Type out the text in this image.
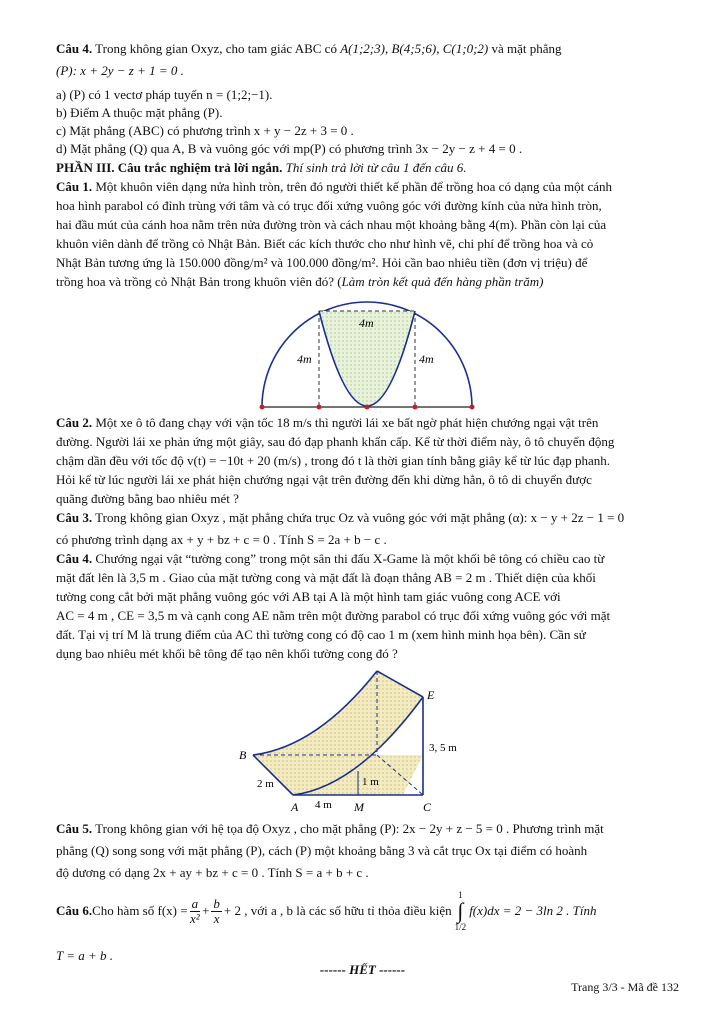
Câu 4. Trong không gian Oxyz, cho tam giác ABC có A(1;2;3), B(4;5;6), C(1;0;2) và mặt phẳng

(P): x + 2y − z + 1 = 0 .

a) (P) có 1 vectơ pháp tuyến n = (1;2;−1).

b) Điểm A thuộc mặt phẳng (P).

c) Mặt phẳng (ABC) có phương trình x + y − 2z + 3 = 0 .

d) Mặt phẳng (Q) qua A, B và vuông góc với mp(P) có phương trình 3x − 2y − z + 4 = 0 .

PHẦN III. Câu trắc nghiệm trả lời ngắn. Thí sinh trả lời từ câu 1 đến câu 6.

Câu 1. Một khuôn viên dạng nửa hình tròn, trên đó người thiết kế phần để trồng hoa có dạng của một cánh

hoa hình parabol có đỉnh trùng với tâm và có trục đối xứng vuông góc với đường kính của nửa hình tròn,

hai đầu mút của cánh hoa nằm trên nửa đường tròn và cách nhau một khoảng bằng 4(m). Phần còn lại của

khuôn viên dành để trồng cỏ Nhật Bản. Biết các kích thước cho như hình vẽ, chi phí để trồng hoa và cỏ

Nhật Bản tương ứng là 150.000 đồng/m² và 100.000 đồng/m². Hỏi cần bao nhiêu tiền (đơn vị triệu) để

trồng hoa và trồng cỏ Nhật Bản trong khuôn viên đó? (Làm tròn kết quả đến hàng phần trăm)

4m
4m	4m

Câu 2. Một xe ô tô đang chạy với vận tốc 18 m/s thì người lái xe bất ngờ phát hiện chướng ngại vật trên

đường. Người lái xe phản ứng một giây, sau đó đạp phanh khẩn cấp. Kể từ thời điểm này, ô tô chuyển động

chậm dần đều với tốc độ v(t) = −10t + 20 (m/s) , trong đó t là thời gian tính bằng giây kể từ lúc đạp phanh.

Hỏi kể từ lúc người lái xe phát hiện chướng ngại vật trên đường đến khi dừng hẳn, ô tô di chuyển được

quãng đường bằng bao nhiêu mét ?

Câu 3. Trong không gian Oxyz , mặt phẳng chứa trục Oz và vuông góc với mặt phẳng (α): x − y + 2z − 1 = 0

có phương trình dạng ax + y + bz + c = 0 . Tính S = 2a + b − c .

Câu 4. Chướng ngại vật “tường cong” trong một sân thi đấu X-Game là một khối bê tông có chiều cao từ

mặt đất lên là 3,5 m . Giao của mặt tường cong và mặt đất là đoạn thẳng AB = 2 m . Thiết diện của khối

tường cong cắt bởi mặt phẳng vuông góc với AB tại A là một hình tam giác vuông cong ACE với

AC = 4 m , CE = 3,5 m và cạnh cong AE nằm trên một đường parabol có trục đối xứng vuông góc với mặt

đất. Tại vị trí M là trung điểm của AC thì tường cong có độ cao 1 m (xem hình minh họa bên). Cần sử

dụng bao nhiêu mét khối bê tông để tạo nên khối tường cong đó ?

E
B
A	M	C
3, 5 m
2 m	1 m
4 m

Câu 5. Trong không gian với hệ tọa độ Oxyz , cho mặt phẳng (P): 2x − 2y + z − 5 = 0 . Phương trình mặt

phẳng (Q) song song với mặt phẳng (P), cách (P) một khoảng bằng 3 và cắt trục Ox tại điểm có hoành

độ dương có dạng 2x + ay + bz + c = 0 . Tính S = a + b + c .

Câu 6. Cho hàm số $f(x) = \frac{a}{\text{x²}} + \frac{b}{x} + 2$ , với a , b là các số hữu tỉ thỏa điều kiện
1
∫
1/2
f(x)dx = 2 − 3ln 2 . Tính

T = a + b .

------ HẾT ------
Trang 3/3 - Mã đề 132
